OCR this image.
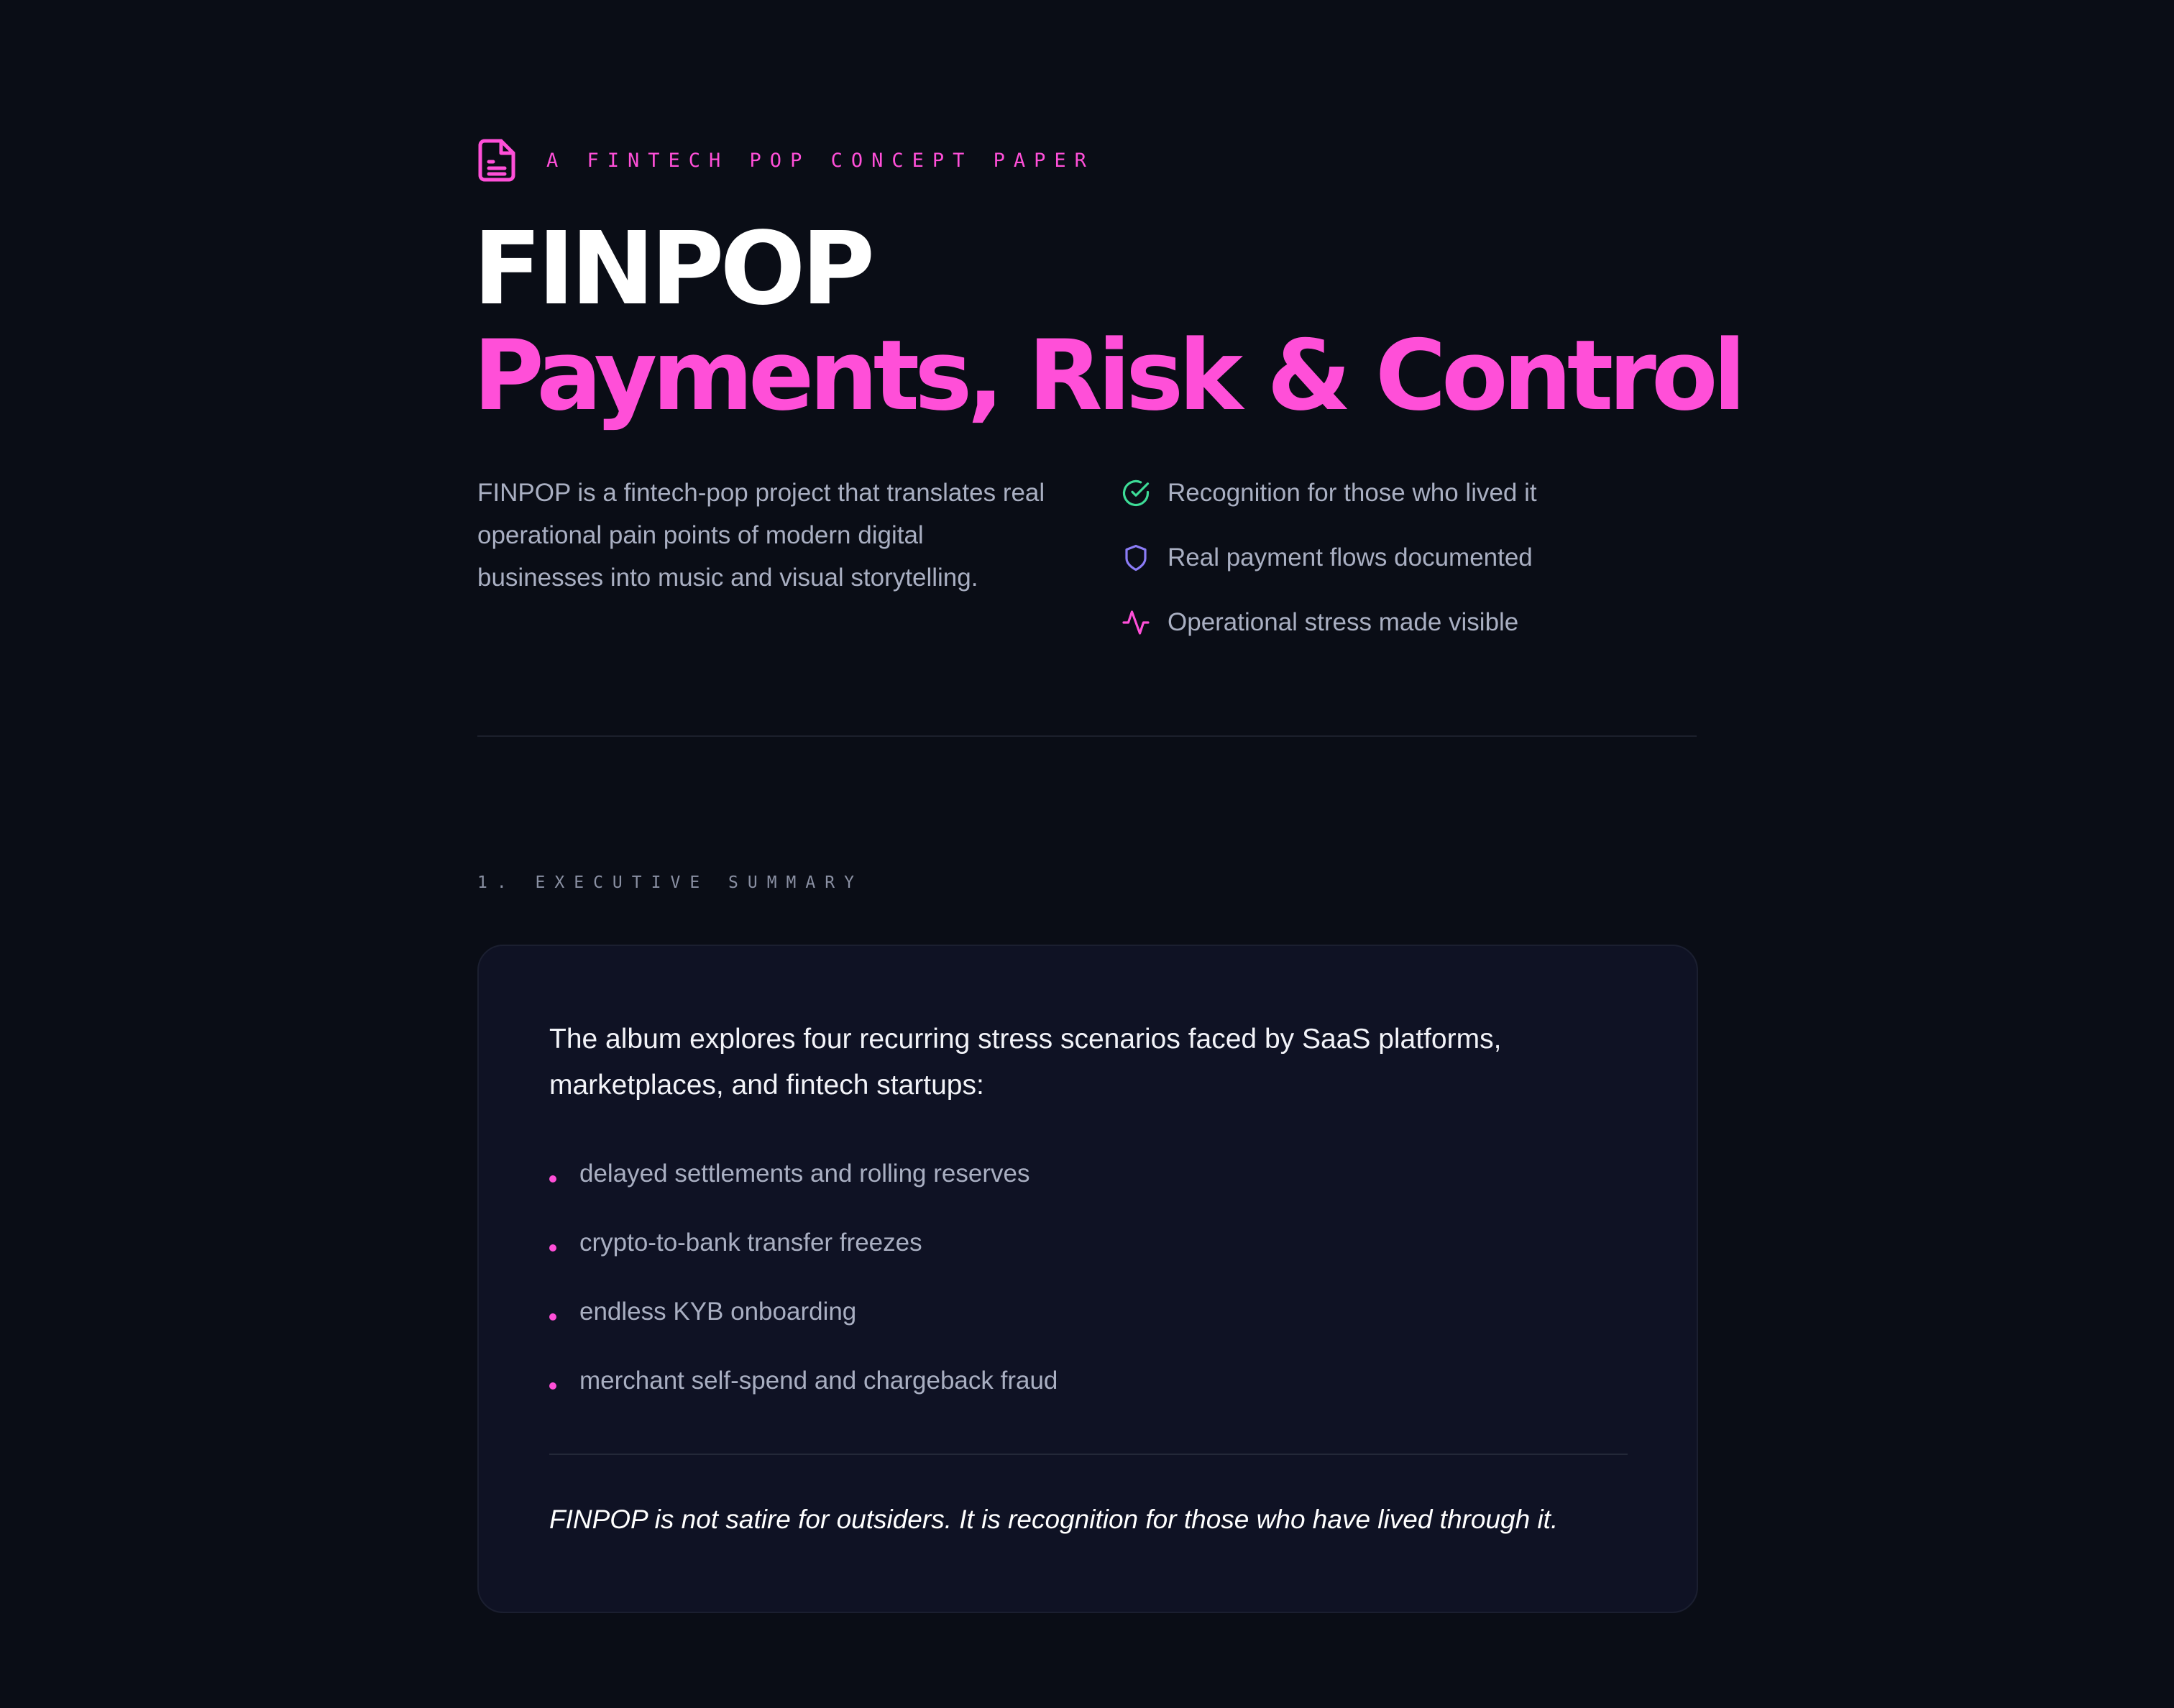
A FINTECH POP CONCEPT PAPER
FINPOP
Payments, Risk & Control

FINPOP is a fintech-pop project that translates real operational pain points of modern digital businesses into music and visual storytelling.

Recognition for those who lived it
Real payment flows documented
Operational stress made visible
1. EXECUTIVE SUMMARY

The album explores four recurring stress scenarios faced by SaaS platforms, marketplaces, and fintech startups:

delayed settlements and rolling reserves
crypto-to-bank transfer freezes
endless KYB onboarding
merchant self-spend and chargeback fraud

FINPOP is not satire for outsiders. It is recognition for those who have lived through it.
